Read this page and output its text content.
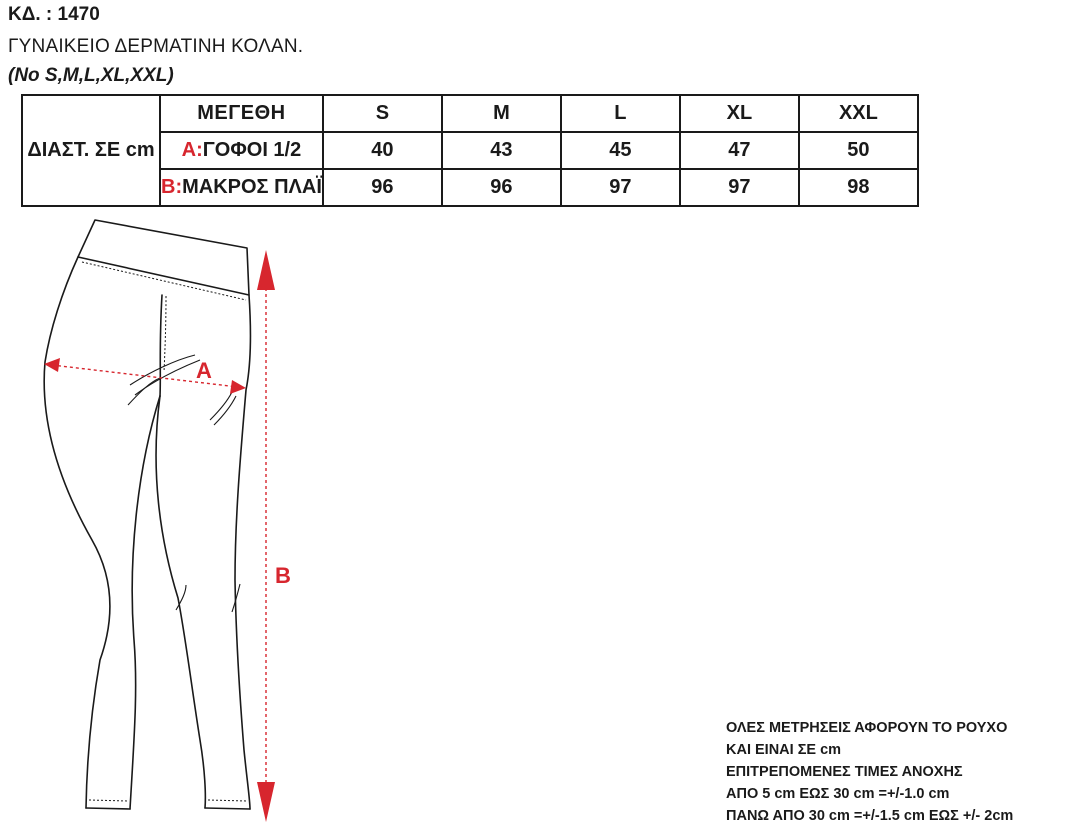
ΚΔ. : 1470
ΓΥΝΑΙΚΕΙΟ ΔΕΡΜΑΤΙΝΗ ΚΟΛΑΝ.
(No S,M,L,XL,XXL)
ΔΙΑΣΤ. ΣΕ cm	ΜΕΓΕΘΗ	S	M	L	XL	XXL
	Α:ΓΟΦΟΙ 1/2	40	43	45	47	50
	Β:ΜΑΚΡΟΣ ΠΛΑΪ	96	96	97	97	98
A
B
ΟΛΕΣ ΜΕΤΡΗΣΕΙΣ ΑΦΟΡΟΥΝ ΤΟ ΡΟΥΧΟ
ΚΑΙ ΕΙΝΑΙ ΣΕ cm
ΕΠΙΤΡΕΠΟΜΕΝΕΣ ΤΙΜΕΣ ΑΝΟΧΗΣ
ΑΠΟ 5 cm ΕΩΣ 30 cm =+/-1.0 cm
ΠΑΝΩ ΑΠΟ 30 cm =+/-1.5 cm ΕΩΣ +/- 2cm
